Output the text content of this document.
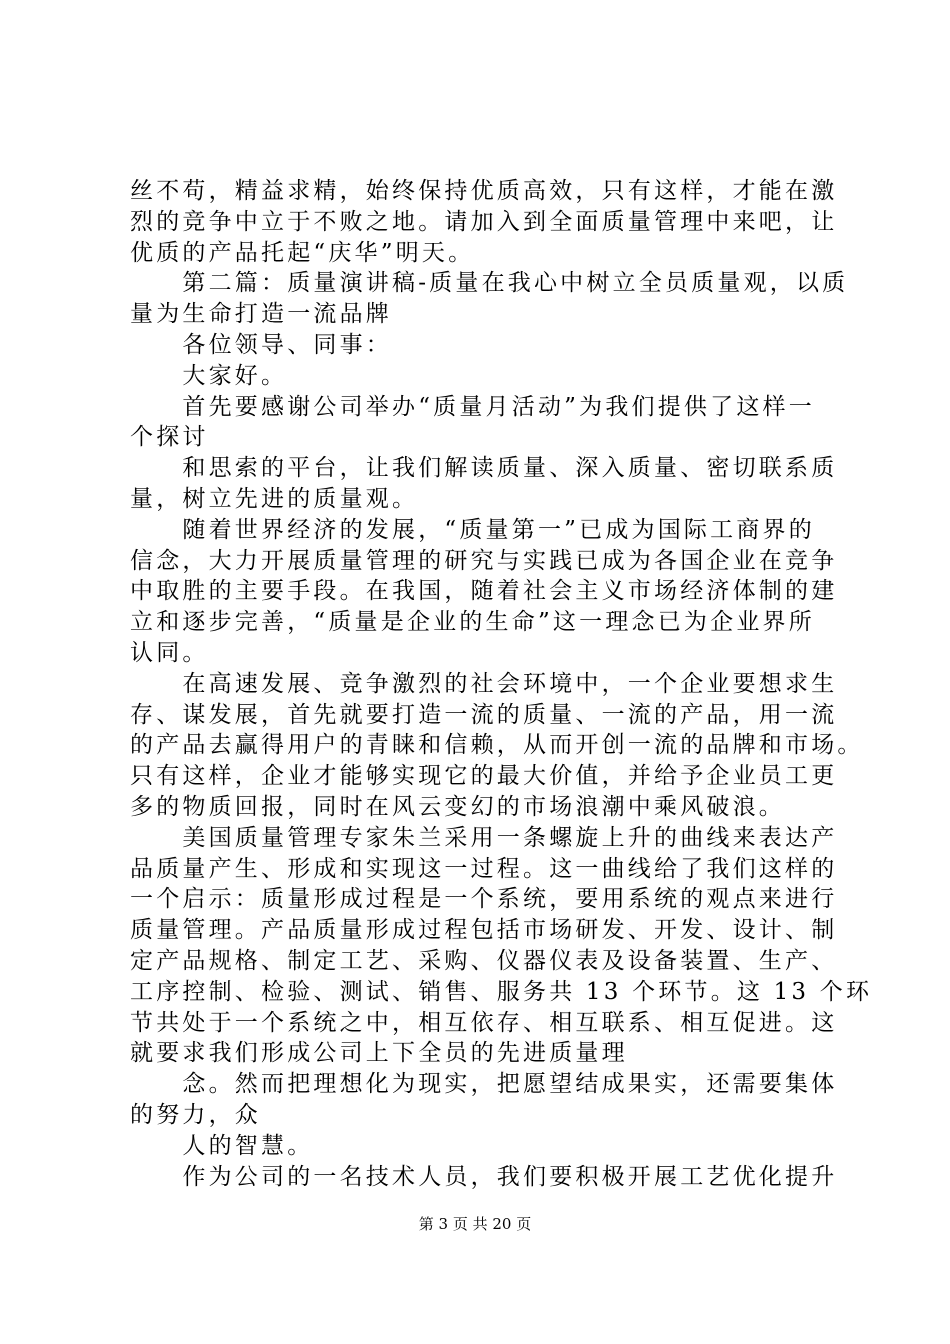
丝不苟，精益求精，始终保持优质高效，只有这样，才能在激

烈的竞争中立于不败之地。请加入到全面质量管理中来吧，让

优质的产品托起“庆华”明天。

　　第二篇：质量演讲稿-质量在我心中树立全员质量观，以质

量为生命打造一流品牌

　　各位领导、同事：

　　大家好。

　　首先要感谢公司举办“质量月活动”为我们提供了这样一

个探讨

　　和思索的平台，让我们解读质量、深入质量、密切联系质

量，树立先进的质量观。

　　随着世界经济的发展，“质量第一”已成为国际工商界的

信念，大力开展质量管理的研究与实践已成为各国企业在竞争

中取胜的主要手段。在我国，随着社会主义市场经济体制的建

立和逐步完善，“质量是企业的生命”这一理念已为企业界所

认同。

　　在高速发展、竞争激烈的社会环境中，一个企业要想求生

存、谋发展，首先就要打造一流的质量、一流的产品，用一流

的产品去赢得用户的青睐和信赖，从而开创一流的品牌和市场。

只有这样，企业才能够实现它的最大价值，并给予企业员工更

多的物质回报，同时在风云变幻的市场浪潮中乘风破浪。

　　美国质量管理专家朱兰采用一条螺旋上升的曲线来表达产

品质量产生、形成和实现这一过程。这一曲线给了我们这样的

一个启示：质量形成过程是一个系统，要用系统的观点来进行

质量管理。产品质量形成过程包括市场研发、开发、设计、制

定产品规格、制定工艺、采购、仪器仪表及设备装置、生产、

工序控制、检验、测试、销售、服务共 13 个环节。这 13 个环

节共处于一个系统之中，相互依存、相互联系、相互促进。这

就要求我们形成公司上下全员的先进质量理

　　念。然而把理想化为现实，把愿望结成果实，还需要集体

的努力，众

　　人的智慧。

　　作为公司的一名技术人员，我们要积极开展工艺优化提升

第 3 页 共 20 页
